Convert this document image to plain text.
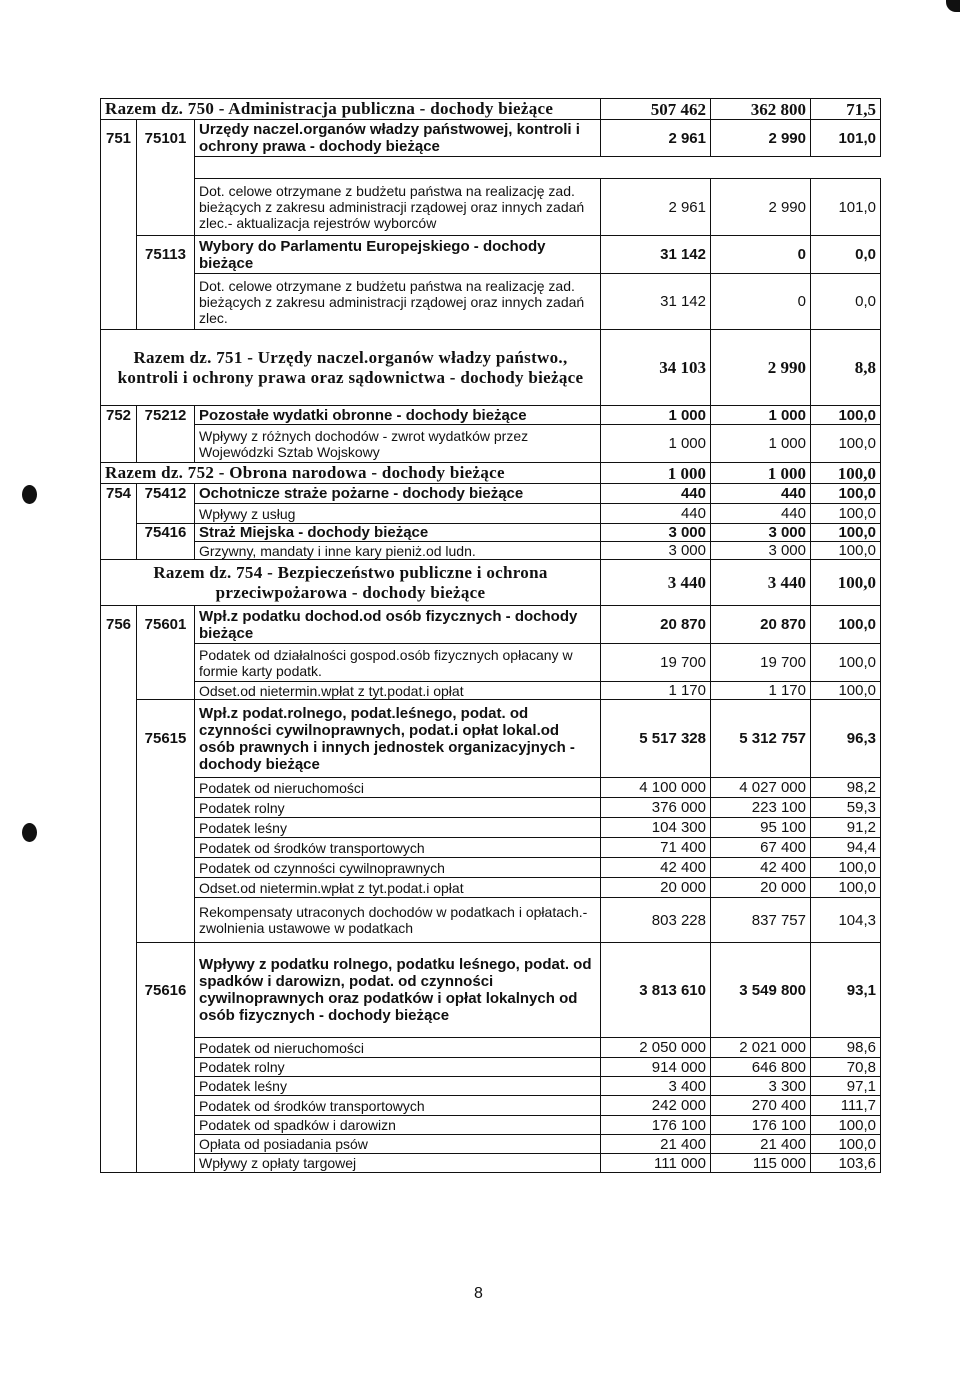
Razem dz. 750 - Administracja publiczna - dochody bieżące			507 462	362 800	71,5
751	75101	Urzędy naczel.organów władzy państwowej, kontroli i ochrony prawa - dochody bieżące	2 961	2 990	101,0

		Dot. celowe otrzymane z budżetu państwa na realizację zad. bieżących z zakresu administracji rządowej oraz innych zadań zlec.- aktualizacja rejestrów wyborców	2 961	2 990	101,0
	75113	Wybory do Parlamentu Europejskiego - dochody bieżące	31 142	0	0,0
		Dot. celowe otrzymane z budżetu państwa na realizację zad. bieżących z zakresu administracji rządowej oraz innych zadań zlec.	31 142	0	0,0
Razem dz. 751 - Urzędy naczel.organów władzy państwo., kontroli i ochrony prawa oraz sądownictwa - dochody bieżące			34 103	2 990	8,8
752	75212	Pozostałe wydatki obronne - dochody bieżące	1 000	1 000	100,0
		Wpływy z różnych dochodów - zwrot wydatków przez Wojewódzki Sztab Wojskowy	1 000	1 000	100,0
Razem dz. 752 - Obrona narodowa - dochody bieżące			1 000	1 000	100,0
754	75412	Ochotnicze straże pożarne - dochody bieżące	440	440	100,0
		Wpływy z usług	440	440	100,0
	75416	Straż Miejska - dochody bieżące	3 000	3 000	100,0
		Grzywny, mandaty i inne kary pieniż.od ludn.	3 000	3 000	100,0
Razem dz. 754 - Bezpieczeństwo publiczne i ochrona przeciwpożarowa - dochody bieżące			3 440	3 440	100,0
756	75601	Wpł.z podatku dochod.od osób fizycznych - dochody bieżące	20 870	20 870	100,0
		Podatek od działalności gospod.osób fizycznych opłacany w formie karty podatk.	19 700	19 700	100,0
		Odset.od nietermin.wpłat z tyt.podat.i opłat	1 170	1 170	100,0
	75615	Wpł.z podat.rolnego, podat.leśnego, podat. od czynności cywilnoprawnych, podat.i opłat lokal.od osób prawnych i innych jednostek organizacyjnych - dochody bieżące	5 517 328	5 312 757	96,3
		Podatek od nieruchomości	4 100 000	4 027 000	98,2
		Podatek rolny	376 000	223 100	59,3
		Podatek leśny	104 300	95 100	91,2
		Podatek od środków transportowych	71 400	67 400	94,4
		Podatek od czynności cywilnoprawnych	42 400	42 400	100,0
		Odset.od nietermin.wpłat z tyt.podat.i opłat	20 000	20 000	100,0
		Rekompensaty utraconych dochodów w podatkach i opłatach.- zwolnienia ustawowe w podatkach	803 228	837 757	104,3
	75616	Wpływy z podatku rolnego, podatku leśnego, podat. od spadków i darowizn, podat. od czynności cywilnoprawnych oraz podatków i opłat lokalnych od osób fizycznych - dochody bieżące	3 813 610	3 549 800	93,1
		Podatek od nieruchomości	2 050 000	2 021 000	98,6
		Podatek rolny	914 000	646 800	70,8
		Podatek leśny	3 400	3 300	97,1
		Podatek od środków transportowych	242 000	270 400	111,7
		Podatek od spadków i darowizn	176 100	176 100	100,0
		Opłata od posiadania psów	21 400	21 400	100,0
		Wpływy z opłaty targowej	111 000	115 000	103,6
8
